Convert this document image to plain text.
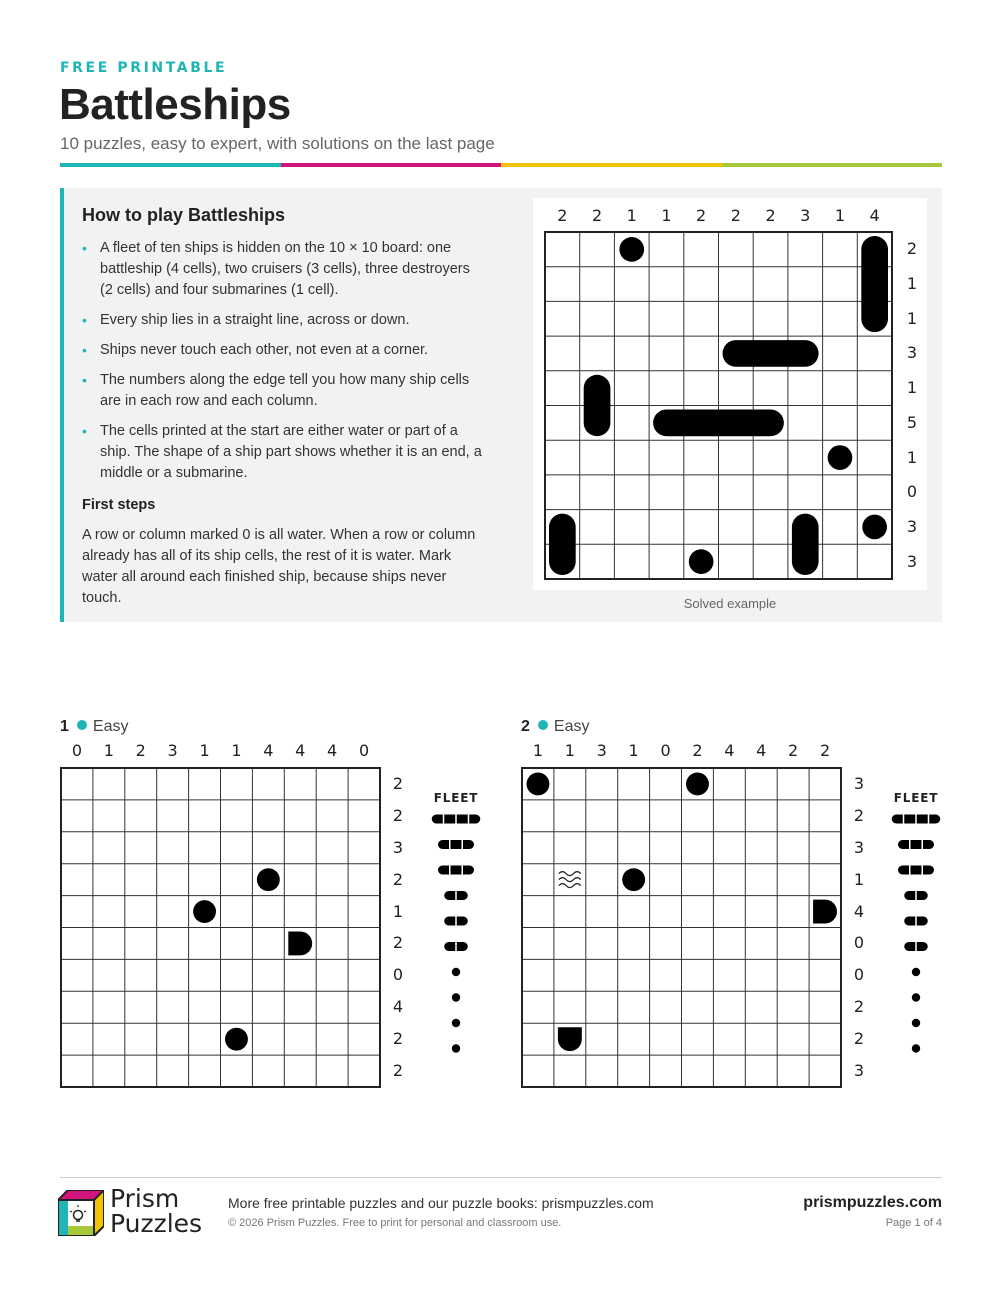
FREE PRINTABLE
Battleships
10 puzzles, easy to expert, with solutions on the last page
How to play Battleships
• A fleet of ten ships is hidden on the 10 × 10 board: one battleship (4 cells), two cruisers (3 cells), three destroyers (2 cells) and four submarines (1 cell).
• Every ship lies in a straight line, across or down.
• Ships never touch each other, not even at a corner.
• The numbers along the edge tell you how many ship cells are in each row and each column.
• The cells printed at the start are either water or part of a ship. The shape of a ship part shows whether it is an end, a middle or a submarine.
First steps
A row or column marked 0 is all water. When a row or column already has all of its ship cells, the rest of it is water. Mark water all around each finished ship, because ships never touch.	Solved example
Prism
Puzzles
More free printable puzzles and our puzzle books: prismpuzzles.com
© 2026 Prism Puzzles. Free to print for personal and classroom use.
prismpuzzles.com
Page 1 of 4
2	2	1	1	2	2	2	3	1	4
2
1
1
3
1
5
1
0
3
3
1 Easy
0	1	2	3	1	1	4	4	4	0
2
2
3
2
1
2
0
4
2
2
FLEET
2 Easy
1	1	3	1	0	2	4	4	2	2
3
2
3
1
4
0
0
2
2
3
FLEET
